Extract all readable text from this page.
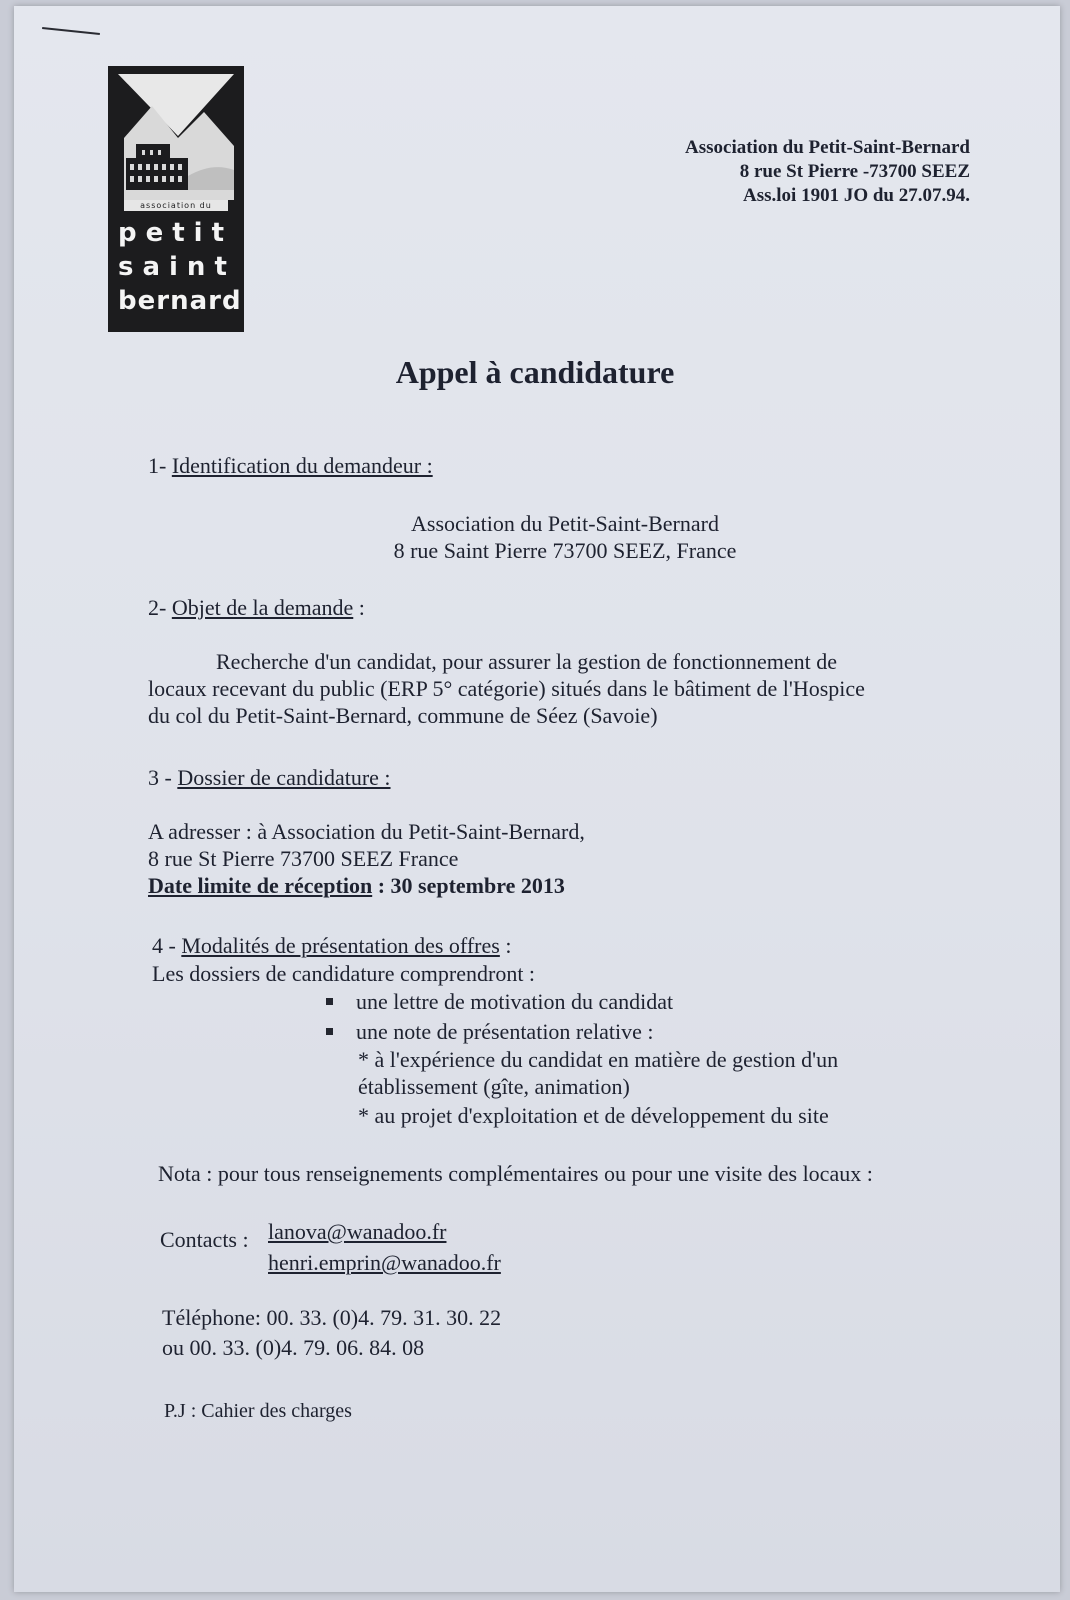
association du
petit
saint
bernard
Association du Petit-Saint-Bernard
8 rue St Pierre -73700 SEEZ
Ass.loi 1901 JO du 27.07.94.
Appel à candidature
1- Identification du demandeur :
Association du Petit-Saint-Bernard
8 rue Saint Pierre 73700 SEEZ, France
2- Objet de la demande :
Recherche d'un candidat, pour assurer la gestion de fonctionnement de
locaux recevant du public (ERP 5° catégorie) situés dans le bâtiment de l'Hospice
du col du Petit-Saint-Bernard, commune de Séez (Savoie)
3 - Dossier de candidature :
A adresser : à Association du Petit-Saint-Bernard,
8 rue St Pierre 73700 SEEZ France
Date limite de réception : 30 septembre 2013
4 - Modalités de présentation des offres :
Les dossiers de candidature comprendront :
une lettre de motivation du candidat
une note de présentation relative :
* à l'expérience du candidat en matière de gestion d'un
établissement (gîte, animation)
* au projet d'exploitation et de développement du site
Nota : pour tous renseignements complémentaires ou pour une visite des locaux :
Contacts : lanova@wanadoo.fr
henri.emprin@wanadoo.fr
Téléphone: 00. 33. (0)4. 79. 31. 30. 22
ou 00. 33. (0)4. 79. 06. 84. 08
P.J : Cahier des charges
